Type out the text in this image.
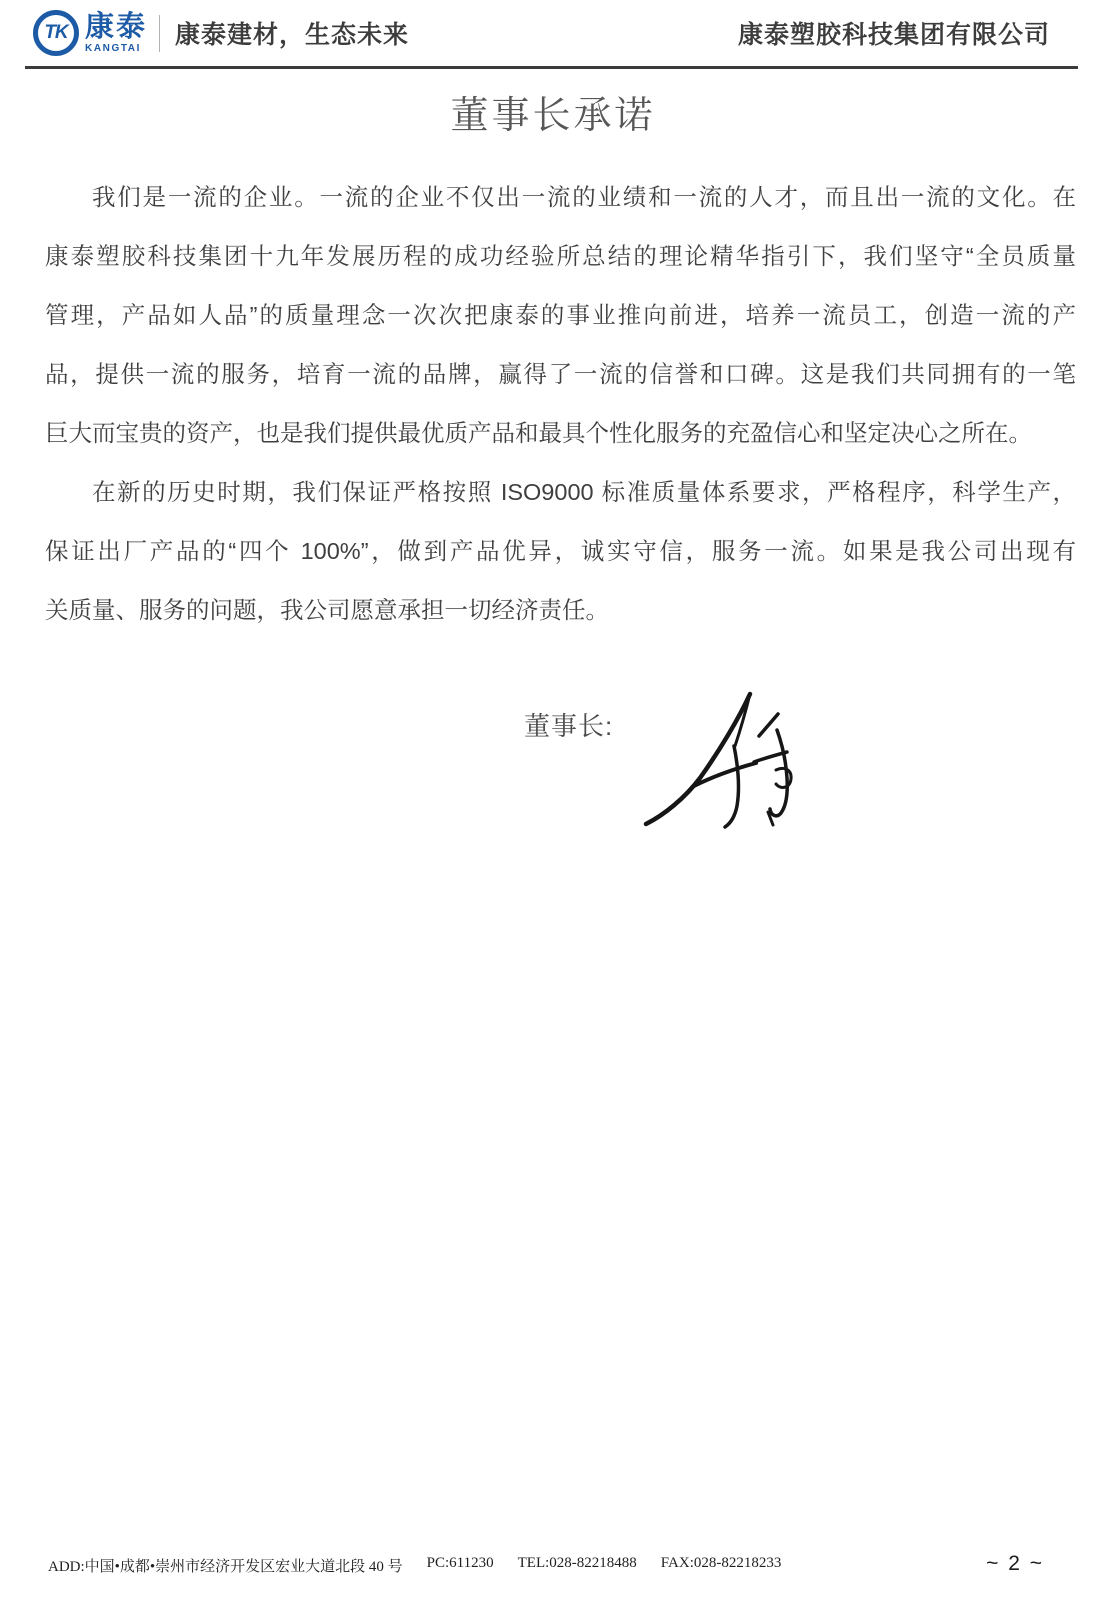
TK 康泰
KANGTAI 康泰建材，生态未来	康泰塑胶科技集团有限公司
董事长承诺
我们是一流的企业。一流的企业不仅出一流的业绩和一流的人才，而且出一流的文化。在
康泰塑胶科技集团十九年发展历程的成功经验所总结的理论精华指引下，我们坚守“全员质量
管理，产品如人品”的质量理念一次次把康泰的事业推向前进，培养一流员工，创造一流的产
品，提供一流的服务，培育一流的品牌，赢得了一流的信誉和口碑。这是我们共同拥有的一笔
巨大而宝贵的资产，也是我们提供最优质产品和最具个性化服务的充盈信心和坚定决心之所在。
在新的历史时期，我们保证严格按照 ISO9000 标准质量体系要求，严格程序，科学生产，
保证出厂产品的“四个 100%”，做到产品优异，诚实守信，服务一流。如果是我公司出现有
关质量、服务的问题，我公司愿意承担一切经济责任。
董事长:
ADD:中国•成都•崇州市经济开发区宏业大道北段 40 号 PC:611230 TEL:028-82218488 FAX:028-82218233	~ 2 ~
